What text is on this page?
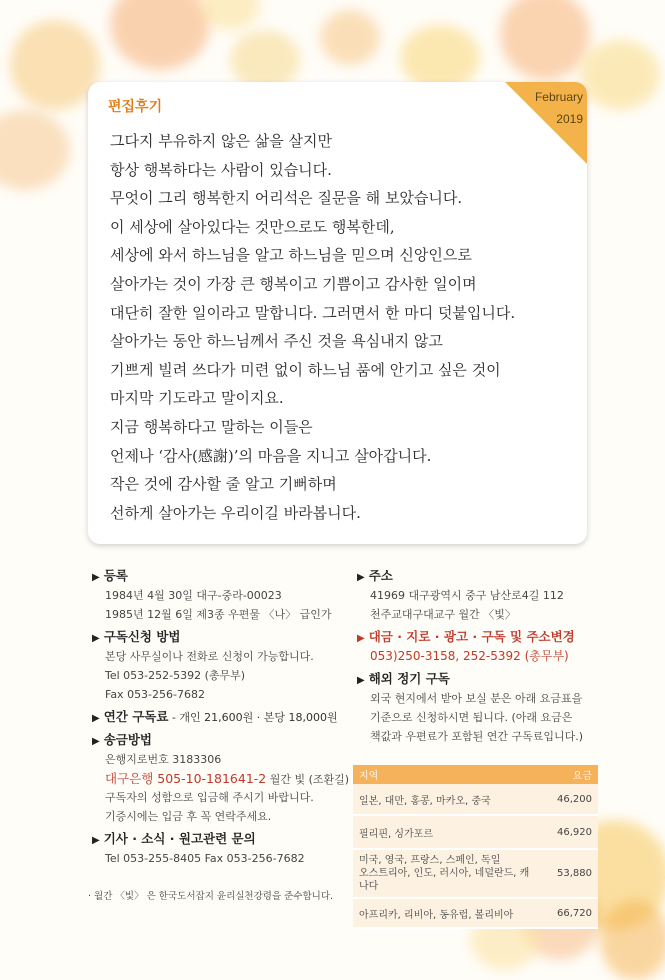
February
2019
편집후기
그다지 부유하지 않은 삶을 살지만
항상 행복하다는 사람이 있습니다.
무엇이 그리 행복한지 어리석은 질문을 해 보았습니다.
이 세상에 살아있다는 것만으로도 행복한데,
세상에 와서 하느님을 알고 하느님을 믿으며 신앙인으로
살아가는 것이 가장 큰 행복이고 기쁨이고 감사한 일이며
대단히 잘한 일이라고 말합니다. 그러면서 한 마디 덧붙입니다.
살아가는 동안 하느님께서 주신 것을 욕심내지 않고
기쁘게 빌려 쓰다가 미련 없이 하느님 품에 안기고 싶은 것이
마지막 기도라고 말이지요.
지금 행복하다고 말하는 이들은
언제나 ‘감사(感謝)’의 마음을 지니고 살아갑니다.
작은 것에 감사할 줄 알고 기뻐하며
선하게 살아가는 우리이길 바라봅니다.
▶ 등록
1984년 4월 30일 대구-중라-00023
1985년 12월 6일 제3종 우편물 〈나〉 급인가
▶ 구독신청 방법
본당 사무실이나 전화로 신청이 가능합니다.
Tel 053-252-5392 (총무부)
Fax 053-256-7682
▶ 연간 구독료 - 개인 21,600원 · 본당 18,000원
▶ 송금방법
은행지로번호 3183306
대구은행 505-10-181641-2 월간 빛 (조환길)
구독자의 성함으로 입금해 주시기 바랍니다.
기증시에는 입금 후 꼭 연락주세요.
▶ 기사 · 소식 · 원고관련 문의
Tel 053-255-8405 Fax 053-256-7682
· 월간 〈빛〉 은 한국도서잡지 윤리실천강령을 준수합니다.
▶ 주소
41969 대구광역시 중구 남산로4길 112
천주교대구대교구 월간 〈빛〉
▶ 대금 · 지로 · 광고 · 구독 및 주소변경
053)250-3158, 252-5392 (총무부)
▶ 해외 정기 구독
외국 현지에서 받아 보실 분은 아래 요금표을
기준으로 신청하시면 됩니다. (아래 요금은
책값과 우편료가 포함된 연간 구독료입니다.)
지역	요금
일본, 대만, 홍콩, 마카오, 중국	46,200
필리핀, 싱가포르	46,920

미국, 영국, 프랑스, 스페인, 독일
오스트리아, 인도, 러시아, 네덜란드, 캐나다	53,880
아프리카, 리비아, 동유럽, 볼리비아	66,720
